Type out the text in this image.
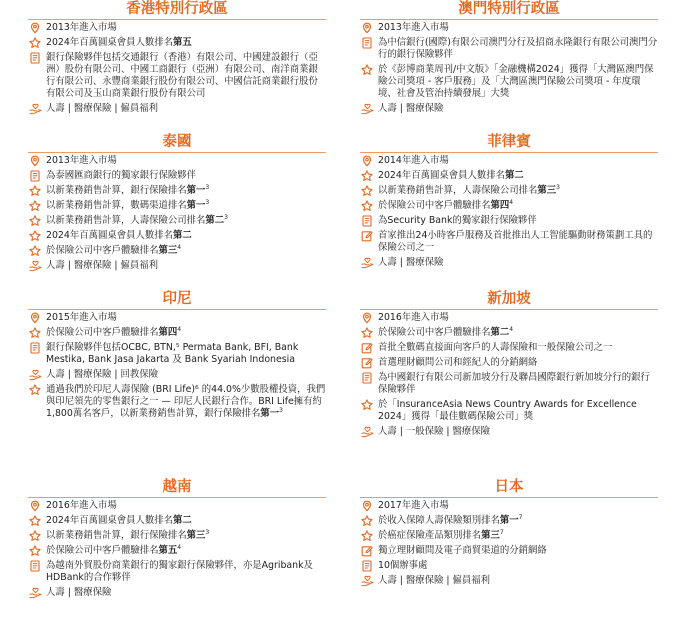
香港特別行政區
2013年進入市場
2024年百萬圓桌會員人數排名第五
銀行保險夥伴包括交通銀行（香港）有限公司、中國建設銀行（亞洲）股份有限公司、中國工商銀行（亞洲）有限公司、南洋商業銀行有限公司、永豐商業銀行股份有限公司、中國信託商業銀行股份有限公司及玉山商業銀行股份有限公司
人壽 | 醫療保險 | 僱員福利
泰國
2013年進入市場
為泰國匯商銀行的獨家銀行保險夥伴
以新業務銷售計算，銀行保險排名第一$^3$
以新業務銷售計算，數碼渠道排名第一$^3$
以新業務銷售計算，人壽保險公司排名第二$^3$
2024年百萬圓桌會員人數排名第二
於保險公司中客戶體驗排名第三$^4$
人壽 | 醫療保險 | 僱員福利
印尼
2015年進入市場
於保險公司中客戶體驗排名第四$^4$
銀行保險夥伴包括OCBC, BTN,⁵ Permata Bank, BFI, Bank Mestika, Bank Jasa Jakarta 及 Bank Syariah Indonesia
人壽 | 醫療保險 | 回教保險
通過我們於印尼人壽保險 (BRI Life)⁶ 的44.0%少數股權投資，我們與印尼領先的零售銀行之一 — 印尼人民銀行合作。BRI Life擁有約1,800萬名客戶，以新業務銷售計算，銀行保險排名第一$^3$
越南
2016年進入市場
2024年百萬圓桌會員人數排名第二
以新業務銷售計算，銀行保險排名第三$^3$
於保險公司中客戶體驗排名第五$^4$
為越南外貿股份商業銀行的獨家銀行保險夥伴，亦是Agribank及HDBank的合作夥伴
人壽 | 醫療保險
澳門特別行政區
2013年進入市場
為中信銀行(國際)有限公司澳門分行及招商永隆銀行有限公司澳門分行的銀行保險夥伴
於《彭博商業周刊/中文版》「金融機構2024」獲得「大灣區澳門保險公司獎項 - 客戶服務」及「大灣區澳門保險公司獎項 - 年度環境、社會及管治持續發展」大獎
人壽 | 醫療保險
菲律賓
2014年進入市場
2024年百萬圓桌會員人數排名第二
以新業務銷售計算，人壽保險公司排名第三$^3$
於保險公司中客戶體驗排名第四$^4$
為Security Bank的獨家銀行保險夥伴
首家推出24小時客戶服務及首批推出人工智能驅動財務策劃工具的保險公司之一
人壽 | 醫療保險
新加坡
2016年進入市場
於保險公司中客戶體驗排名第二$^4$
首批全數碼直接面向客戶的人壽保險和一般保險公司之一
首選理財顧問公司和經紀人的分銷網絡
為中國銀行有限公司新加坡分行及聯昌國際銀行新加坡分行的銀行保險夥伴
於「InsuranceAsia News Country Awards for Excellence 2024」獲得「最佳數碼保險公司」獎
人壽 | 一般保險 | 醫療保險
日本
2017年進入市場
於收入保障人壽保險類別排名第一$^7$
於癌症保險產品類別排名第三$^7$
獨立理財顧問及電子商貿渠道的分銷網絡
10個辦事處
人壽 | 醫療保險 | 僱員福利
